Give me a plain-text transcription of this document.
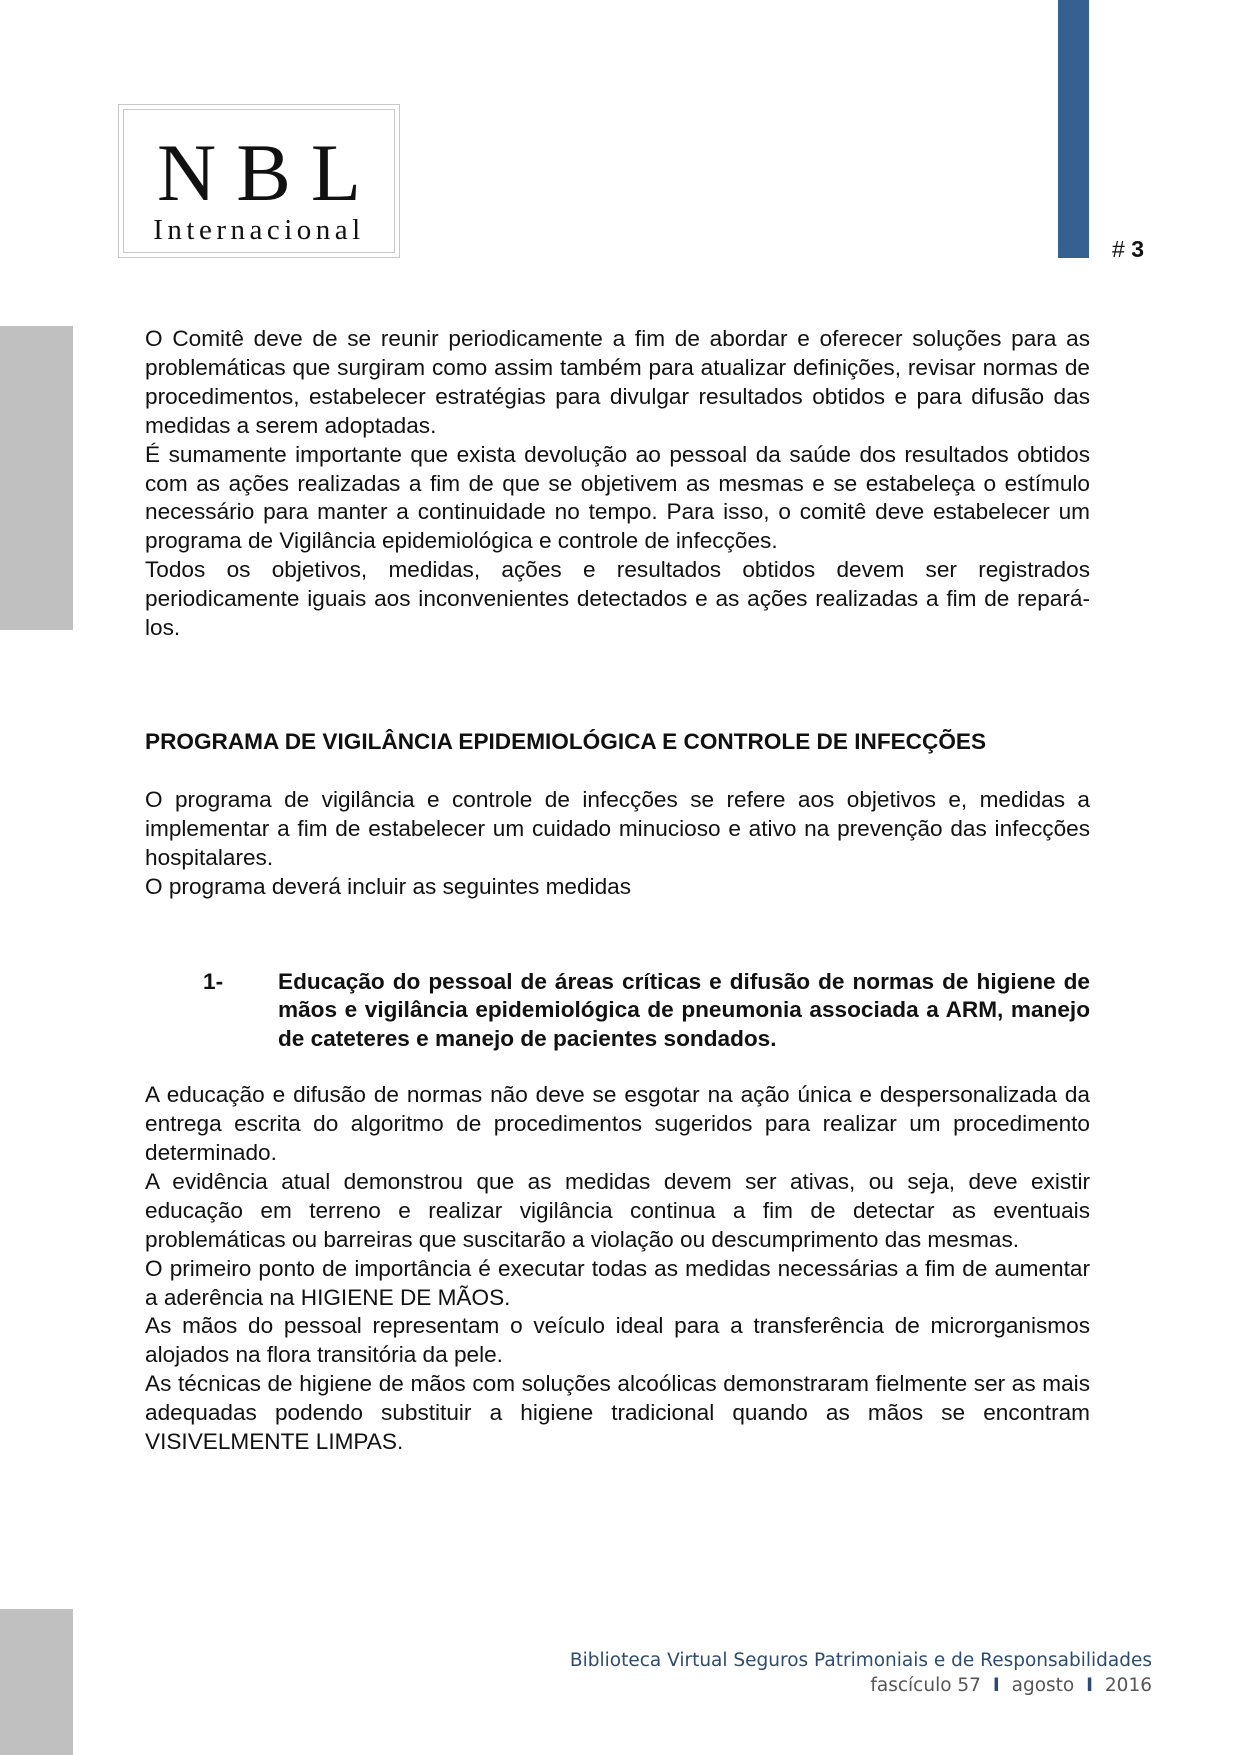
# 3
NBL
Internacional

O Comitê deve de se reunir periodicamente a fim de abordar e oferecer soluções para as problemáticas que surgiram como assim também para atualizar definições, revisar normas de procedimentos, estabelecer estratégias para divulgar resultados obtidos e para difusão das medidas a serem adoptadas.

É sumamente importante que exista devolução ao pessoal da saúde dos resultados obtidos com as ações realizadas a fim de que se objetivem as mesmas e se estabeleça o estímulo necessário para manter a continuidade no tempo. Para isso, o comitê deve estabelecer um programa de Vigilância epidemiológica e controle de infecções.

Todos os objetivos, medidas, ações e resultados obtidos devem ser registrados periodicamente iguais aos inconvenientes detectados e as ações realizadas a fim de repará-los.

PROGRAMA DE VIGILÂNCIA EPIDEMIOLÓGICA E CONTROLE DE INFECÇÕES

O programa de vigilância e controle de infecções se refere aos objetivos e, medidas a implementar a fim de estabelecer um cuidado minucioso e ativo na prevenção das infecções hospitalares.

O programa deverá incluir as seguintes medidas

1-	Educação do pessoal de áreas críticas e difusão de normas de higiene de mãos e vigilância epidemiológica de pneumonia associada a ARM, manejo de cateteres e manejo de pacientes sondados.

A educação e difusão de normas não deve se esgotar na ação única e despersonalizada da entrega escrita do algoritmo de procedimentos sugeridos para realizar um procedimento determinado.

A evidência atual demonstrou que as medidas devem ser ativas, ou seja, deve existir educação em terreno e realizar vigilância continua a fim de detectar as eventuais problemáticas ou barreiras que suscitarão a violação ou descumprimento das mesmas.

O primeiro ponto de importância é executar todas as medidas necessárias a fim de aumentar a aderência na HIGIENE DE MÃOS.

As mãos do pessoal representam o veículo ideal para a transferência de microrganismos alojados na flora transitória da pele.

As técnicas de higiene de mãos com soluções alcoólicas demonstraram fielmente ser as mais adequadas podendo substituir a higiene tradicional quando as mãos se encontram VISIVELMENTE LIMPAS.

Biblioteca Virtual Seguros Patrimoniais e de Responsabilidades
fascículo 57 I agosto I 2016
